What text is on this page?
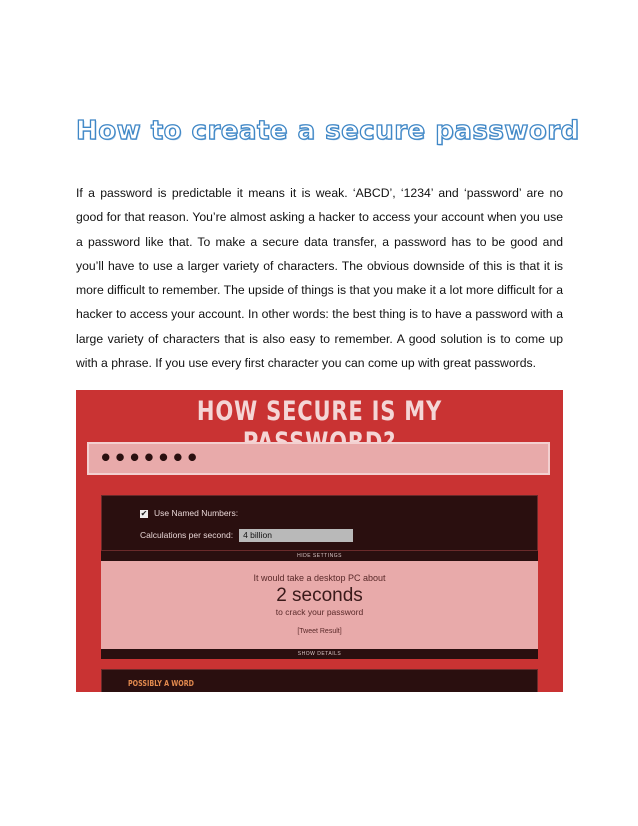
How to create a secure password

If a password is predictable it means it is weak. ‘ABCD’, ‘1234’ and ‘password’ are no good for that reason. You’re almost asking a hacker to access your account when you use a password like that. To make a secure data transfer, a password has to be good and you’ll have to use a larger variety of characters. The obvious downside of this is that it is more difficult to remember. The upside of things is that you make it a lot more difficult for a hacker to access your account. In other words: the best thing is to have a password with a large variety of characters that is also easy to remember. A good solution is to come up with a phrase. If you use every first character you can come up with great passwords.

HOW SECURE IS MY
•••••••
✔ Use Named Numbers:
Calculations per second: 4 billion
HIDE SETTINGS
It would take a desktop PC about
2 seconds
to crack your password
[Tweet Result]
SHOW DETAILS
POSSIBLY A WORD
